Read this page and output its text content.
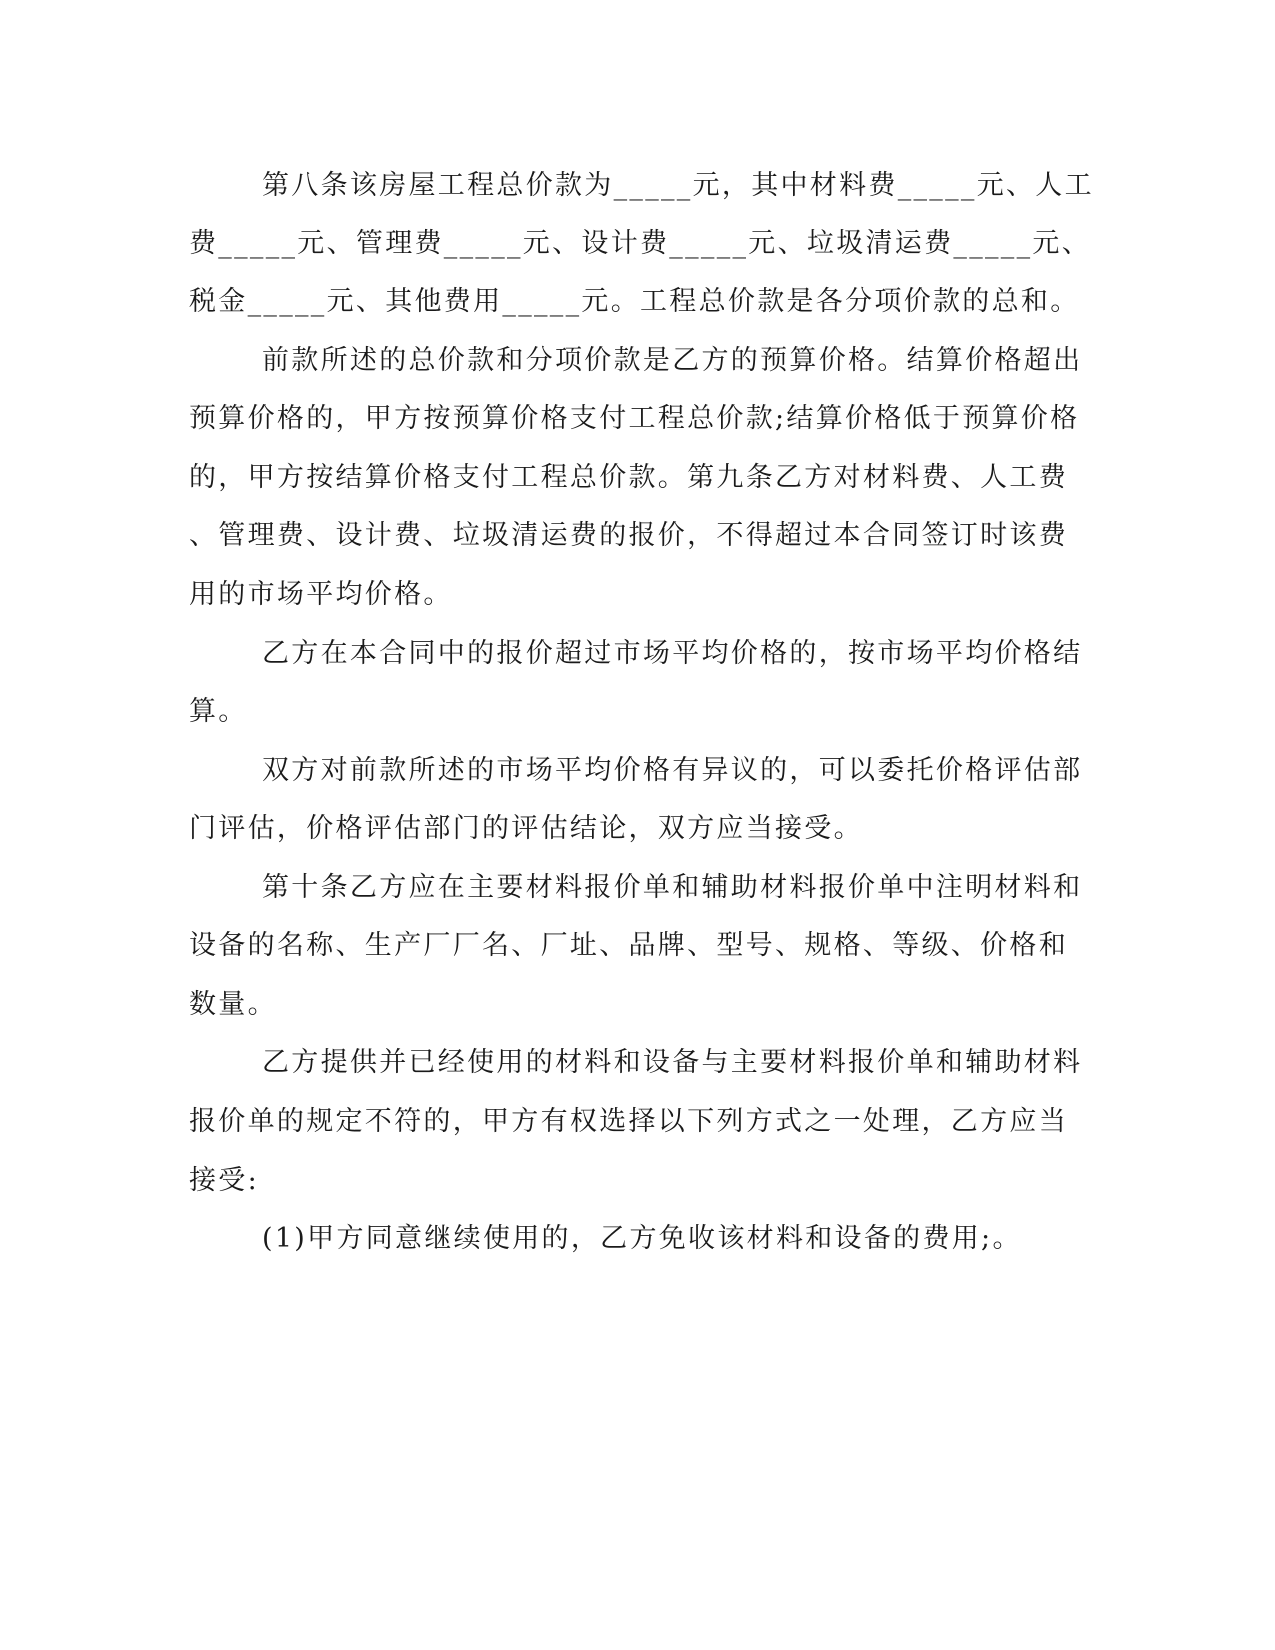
第八条该房屋工程总价款为_____元，其中材料费_____元、人工
费_____元、管理费_____元、设计费_____元、垃圾清运费_____元、
税金_____元、其他费用_____元。工程总价款是各分项价款的总和。
前款所述的总价款和分项价款是乙方的预算价格。结算价格超出
预算价格的，甲方按预算价格支付工程总价款;结算价格低于预算价格
的，甲方按结算价格支付工程总价款。第九条乙方对材料费、人工费
、管理费、设计费、垃圾清运费的报价，不得超过本合同签订时该费
用的市场平均价格。
乙方在本合同中的报价超过市场平均价格的，按市场平均价格结
算。
双方对前款所述的市场平均价格有异议的，可以委托价格评估部
门评估，价格评估部门的评估结论，双方应当接受。
第十条乙方应在主要材料报价单和辅助材料报价单中注明材料和
设备的名称、生产厂厂名、厂址、品牌、型号、规格、等级、价格和
数量。
乙方提供并已经使用的材料和设备与主要材料报价单和辅助材料
报价单的规定不符的，甲方有权选择以下列方式之一处理，乙方应当
接受:
(1)甲方同意继续使用的，乙方免收该材料和设备的费用;。
